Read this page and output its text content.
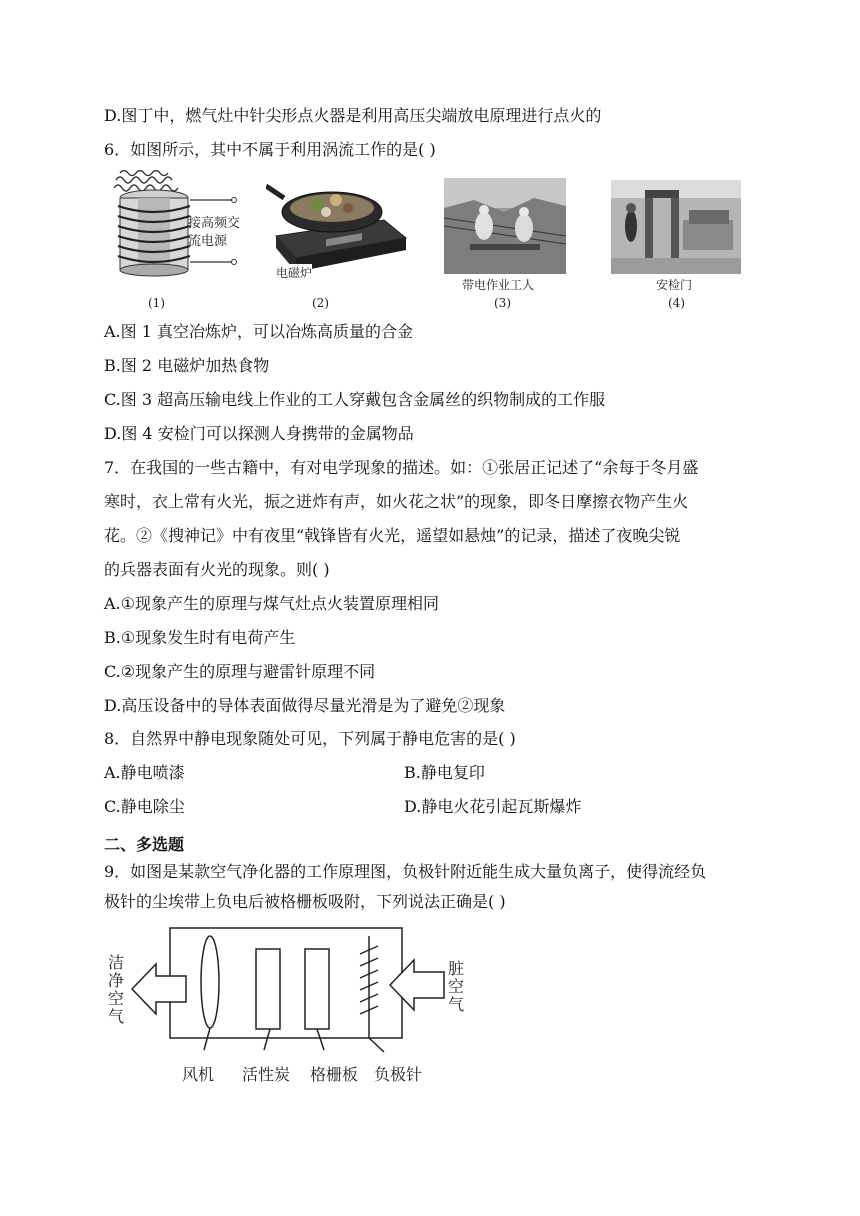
D.图丁中，燃气灶中针尖形点火器是利用高压尖端放电原理进行点火的
6．如图所示，其中不属于利用涡流工作的是( )
接高频交
流电源
电磁炉
带电作业工人	安检门
(1)	(2)	(3)	(4)
A.图 1 真空冶炼炉，可以冶炼高质量的合金
B.图 2 电磁炉加热食物
C.图 3 超高压输电线上作业的工人穿戴包含金属丝的织物制成的工作服
D.图 4 安检门可以探测人身携带的金属物品
7．在我国的一些古籍中，有对电学现象的描述。如：①张居正记述了“余每于冬月盛
寒时，衣上常有火光，振之迸炸有声，如火花之状”的现象，即冬日摩擦衣物产生火
花。②《搜神记》中有夜里“戟锋皆有火光，遥望如悬烛”的记录，描述了夜晚尖锐
的兵器表面有火光的现象。则( )
A.①现象产生的原理与煤气灶点火装置原理相同
B.①现象发生时有电荷产生
C.②现象产生的原理与避雷针原理不同
D.高压设备中的导体表面做得尽量光滑是为了避免②现象
8．自然界中静电现象随处可见，下列属于静电危害的是( )
A.静电喷漆	B.静电复印
C.静电除尘	D.静电火花引起瓦斯爆炸
二、多选题
9．如图是某款空气净化器的工作原理图，负极针附近能生成大量负离子，使得流经负
极针的尘埃带上负电后被格栅板吸附，下列说法正确是( )
洁净空气
脏空气
风机 活性炭 格栅板 负极针
